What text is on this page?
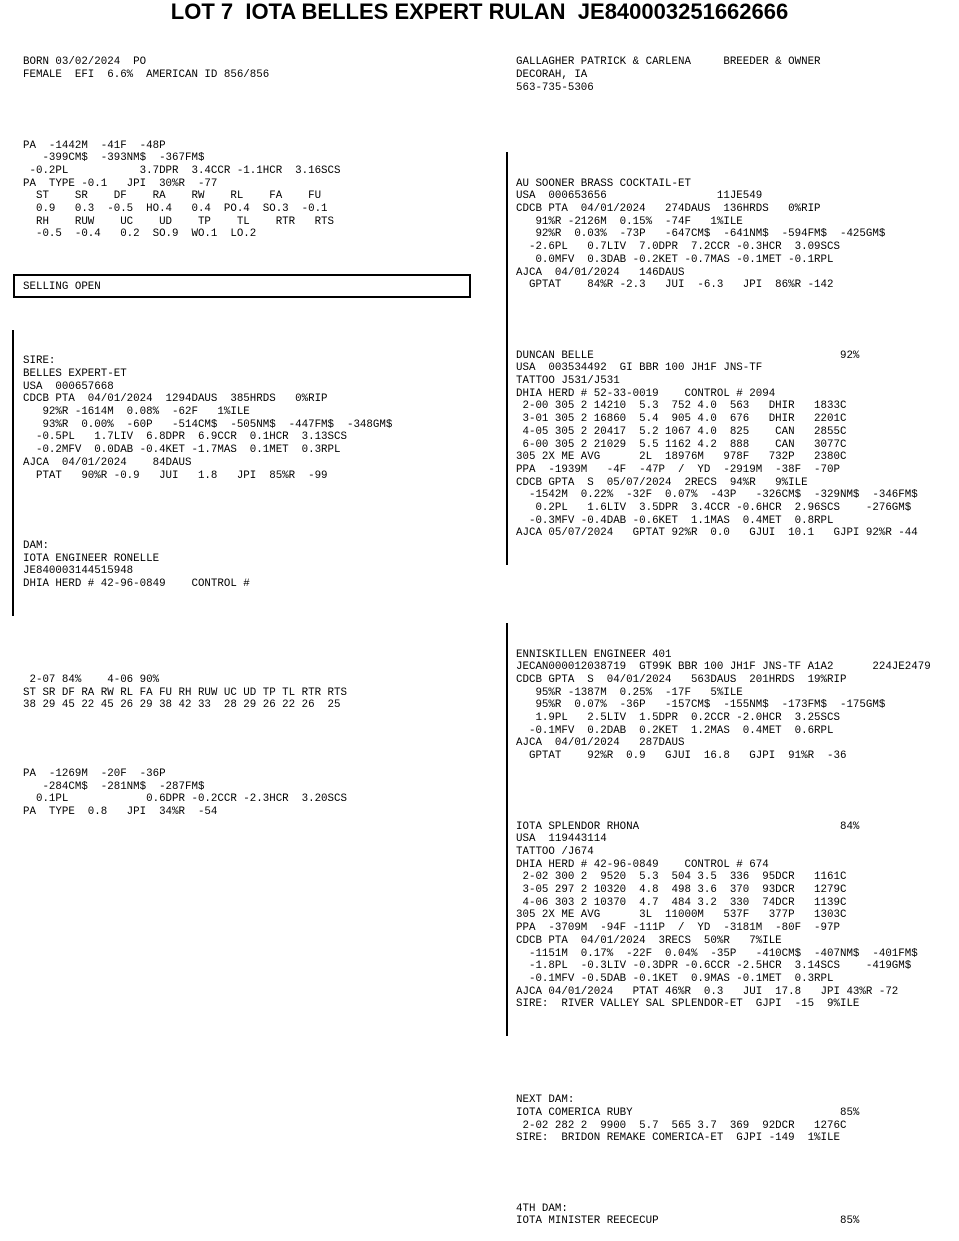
LOT 7  IOTA BELLES EXPERT RULAN  JE840003251662666

BORN 03/02/2024  PO
FEMALE  EFI  6.6%  AMERICAN ID 856/856

PA  -1442M  -41F  -48P
-399CM$  -393NM$  -367FM$
-0.2PL           3.7DPR  3.4CCR -1.1HCR  3.16SCS
PA  TYPE -0.1   JPI  30%R  -77
ST    SR    DF    RA    RW    RL    FA    FU
0.9   0.3  -0.5  HO.4   0.4  PO.4  SO.3  -0.1
RH    RUW    UC    UD    TP    TL    RTR   RTS
-0.5  -0.4   0.2  SO.9  WO.1  LO.2

SELLING OPEN

SIRE:
BELLES EXPERT-ET
USA  000657668
CDCB PTA  04/01/2024  1294DAUS  385HRDS   0%RIP
92%R -1614M  0.08%  -62F   1%ILE
93%R  0.00%  -60P   -514CM$  -505NM$  -447FM$  -348GM$
-0.5PL   1.7LIV  6.8DPR  6.9CCR  0.1HCR  3.13SCS
-0.2MFV  0.0DAB -0.4KET -1.7MAS  0.1MET  0.3RPL
AJCA  04/01/2024    84DAUS
PTAT   90%R -0.9   JUI   1.8   JPI  85%R  -99

DAM:
IOTA ENGINEER RONELLE
JE840003144515948
DHIA HERD # 42-96-0849    CONTROL #

2-07 84%    4-06 90%
ST SR DF RA RW RL FA FU RH RUW UC UD TP TL RTR RTS
38 29 45 22 45 26 29 38 42 33  28 29 26 22 26  25

PA  -1269M  -20F  -36P
-284CM$  -281NM$  -287FM$
0.1PL            0.6DPR -0.2CCR -2.3HCR  3.20SCS
PA  TYPE  0.8   JPI  34%R  -54

GALLAGHER PATRICK & CARLENA     BREEDER & OWNER
DECORAH, IA
563-735-5306

AU SOONER BRASS COCKTAIL-ET
USA  000653656                 11JE549
CDCB PTA  04/01/2024   274DAUS  136HRDS   0%RIP
91%R -2126M  0.15%  -74F   1%ILE
92%R  0.03%  -73P   -647CM$  -641NM$  -594FM$  -425GM$
-2.6PL   0.7LIV  7.0DPR  7.2CCR -0.3HCR  3.09SCS
0.0MFV  0.3DAB -0.2KET -0.7MAS -0.1MET -0.1RPL
AJCA  04/01/2024   146DAUS
GPTAT    84%R -2.3   JUI  -6.3   JPI  86%R -142

DUNCAN BELLE                                      92%
USA  003534492  GI BBR 100 JH1F JNS-TF
TATTOO J531/J531
DHIA HERD # 52-33-0019    CONTROL # 2094
2-00 305 2 14210  5.3  752 4.0  563   DHIR   1833C
3-01 305 2 16860  5.4  905 4.0  676   DHIR   2201C
4-05 305 2 20417  5.2 1067 4.0  825    CAN   2855C
6-00 305 2 21029  5.5 1162 4.2  888    CAN   3077C
305 2X ME AVG      2L  18976M   978F   732P   2380C
PPA  -1939M   -4F  -47P  /  YD  -2919M  -38F  -70P
CDCB GPTA  S  05/07/2024  2RECS  94%R   9%ILE
-1542M  0.22%  -32F  0.07%  -43P   -326CM$  -329NM$  -346FM$
0.2PL   1.6LIV  3.5DPR  3.4CCR -0.6HCR  2.96SCS    -276GM$
-0.3MFV -0.4DAB -0.6KET  1.1MAS  0.4MET  0.8RPL
AJCA 05/07/2024   GPTAT 92%R  0.0   GJUI  10.1   GJPI 92%R -44

ENNISKILLEN ENGINEER 401
JECAN000012038719  GT99K BBR 100 JH1F JNS-TF A1A2      224JE2479
CDCB GPTA  S  04/01/2024   563DAUS  201HRDS  19%RIP
95%R -1387M  0.25%  -17F   5%ILE
95%R  0.07%  -36P   -157CM$  -155NM$  -173FM$  -175GM$
1.9PL   2.5LIV  1.5DPR  0.2CCR -2.0HCR  3.25SCS
-0.1MFV  0.2DAB  0.2KET  1.2MAS  0.4MET  0.6RPL
AJCA  04/01/2024   287DAUS
GPTAT    92%R  0.9   GJUI  16.8   GJPI  91%R  -36

IOTA SPLENDOR RHONA                               84%
USA  119443114
TATTOO /J674
DHIA HERD # 42-96-0849    CONTROL # 674
2-02 300 2  9520  5.3  504 3.5  336  95DCR   1161C
3-05 297 2 10320  4.8  498 3.6  370  93DCR   1279C
4-06 303 2 10370  4.7  484 3.2  330  74DCR   1139C
305 2X ME AVG      3L  11000M   537F   377P   1303C
PPA  -3709M  -94F -111P  /  YD  -3181M  -80F  -97P
CDCB PTA  04/01/2024  3RECS  50%R   7%ILE
-1151M  0.17%  -22F  0.04%  -35P   -410CM$  -407NM$  -401FM$
-1.8PL  -0.3LIV -0.3DPR -0.6CCR -2.5HCR  3.14SCS    -419GM$
-0.1MFV -0.5DAB -0.1KET  0.9MAS -0.1MET  0.3RPL
AJCA 04/01/2024   PTAT 46%R  0.3   JUI  17.8   JPI 43%R -72
SIRE:  RIVER VALLEY SAL SPLENDOR-ET  GJPI  -15  9%ILE

NEXT DAM:
IOTA COMERICA RUBY                                85%
2-02 282 2  9900  5.7  565 3.7  369  92DCR   1276C
SIRE:  BRIDON REMAKE COMERICA-ET  GJPI -149  1%ILE

4TH DAM:
IOTA MINISTER REECECUP                            85%
